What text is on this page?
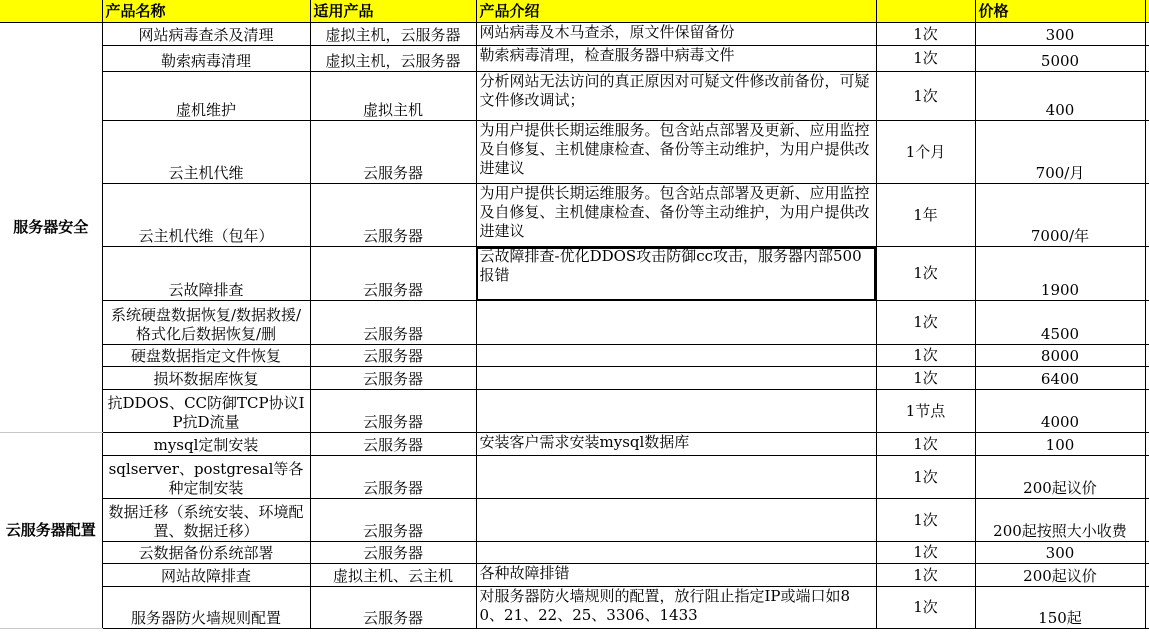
	产品名称	适用产品	产品介绍		价格	
服务器安全	网站病毒查杀及清理	虚拟主机，云服务器	网站病毒及木马查杀，原文件保留备份	1次	300	
	勒索病毒清理	虚拟主机，云服务器	勒索病毒清理，检查服务器中病毒文件	1次	5000	
	虚机维护	虚拟主机	分析网站无法访问的真正原因对可疑文件修改前备份，可疑文件修改调试；	1次	400	
	云主机代维	云服务器	为用户提供长期运维服务。包含站点部署及更新、应用监控及自修复、主机健康检查、备份等主动维护，为用户提供改进建议	1个月	700/月	
	云主机代维（包年）	云服务器	为用户提供长期运维服务。包含站点部署及更新、应用监控及自修复、主机健康检查、备份等主动维护，为用户提供改进建议	1年	7000/年	
	云故障排查	云服务器	云故障排查-优化DDOS攻击防御cc攻击，服务器内部500报错	1次	1900	
	系统硬盘数据恢复/数据救援/格式化后数据恢复/删	云服务器		1次	4500	
	硬盘数据指定文件恢复	云服务器		1次	8000	
	损坏数据库恢复	云服务器		1次	6400	
	抗DDOS、CC防御TCP协议IP抗D流量	云服务器		1节点	4000	
云服务器配置	mysql定制安装	云服务器	安装客户需求安装mysql数据库	1次	100	
	sqlserver、postgresal等各种定制安装	云服务器		1次	200起议价	
	数据迁移（系统安装、环境配置、数据迁移）	云服务器		1次	200起按照大小收费	
	云数据备份系统部署	云服务器		1次	300	
	网站故障排查	虚拟主机、云主机	各种故障排错	1次	200起议价	
	服务器防火墙规则配置	云服务器	对服务器防火墙规则的配置，放行阻止指定IP或端口如80、21、22、25、3306、1433	1次	150起	
